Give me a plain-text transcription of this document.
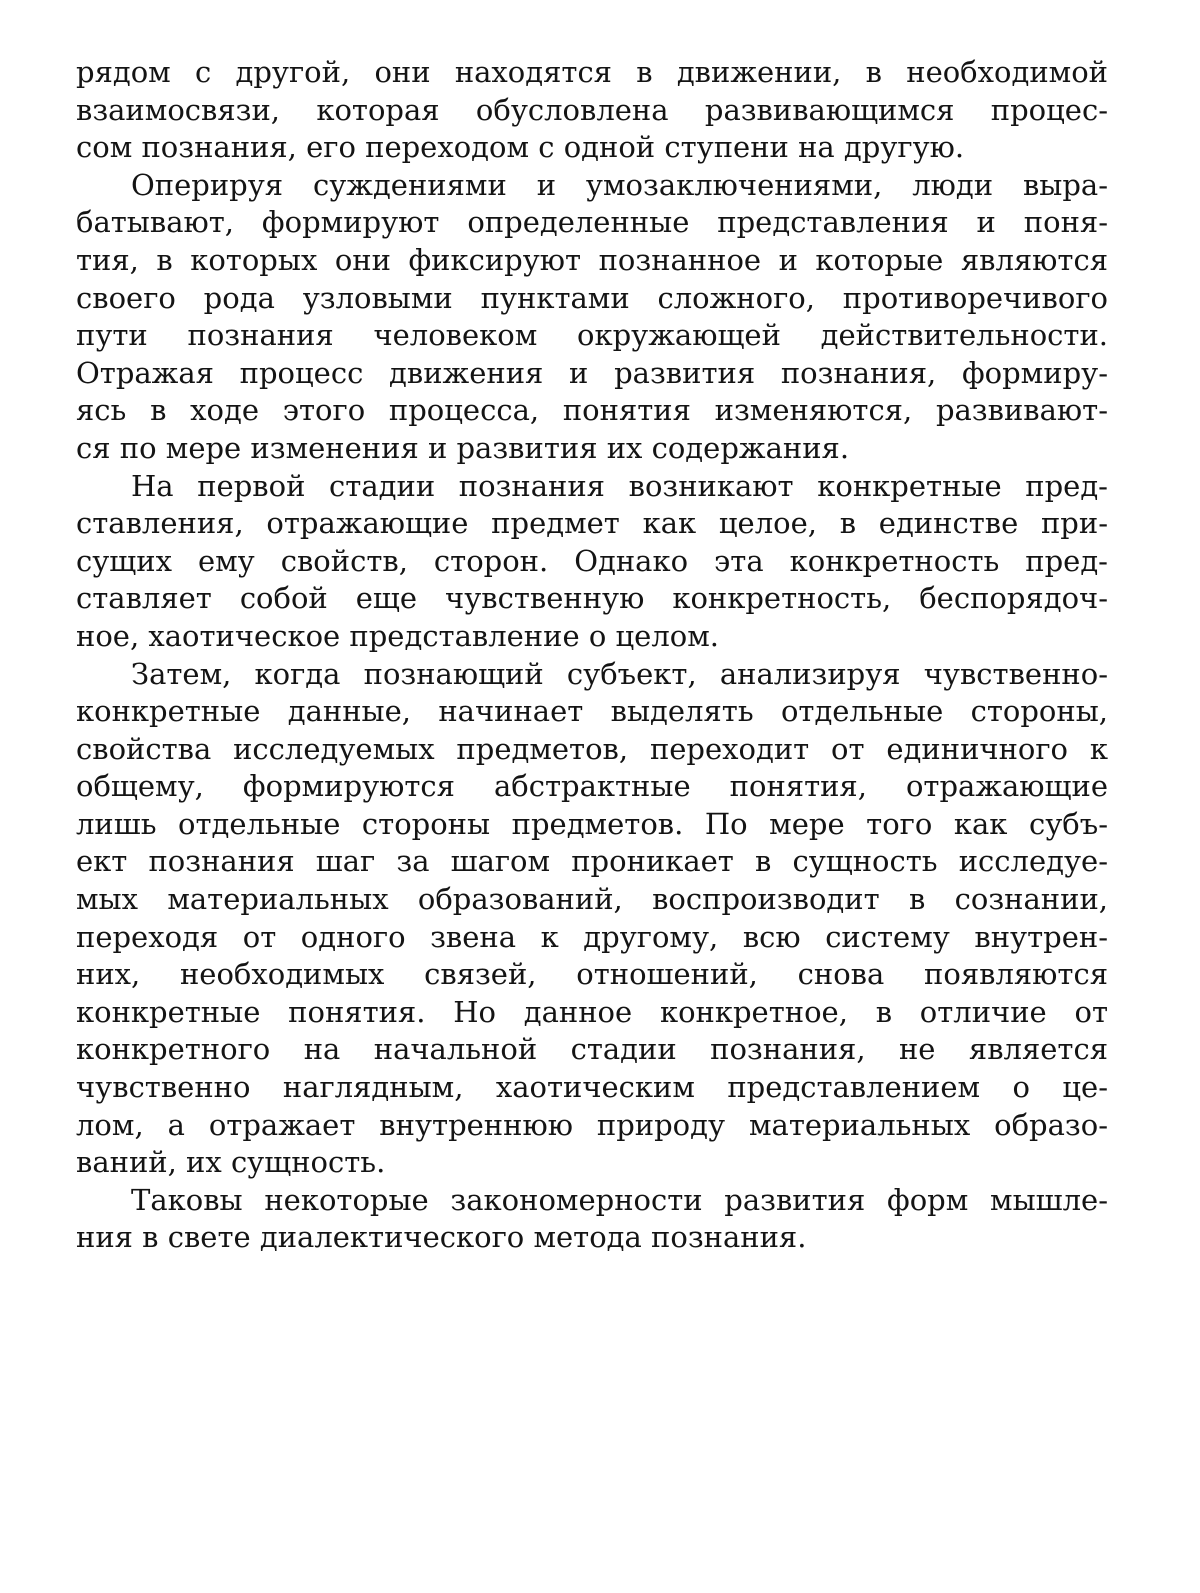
рядом с другой, они находятся в движении, в необходимой
взаимосвязи, которая обусловлена развивающимся процес-
сом познания, его переходом с одной ступени на другую.
Оперируя суждениями и умозаключениями, люди выра-
батывают, формируют определенные представления и поня-
тия, в которых они фиксируют познанное и которые являются
своего рода узловыми пунктами сложного, противоречивого
пути познания человеком окружающей действительности.
Отражая процесс движения и развития познания, формиру-
ясь в ходе этого процесса, понятия изменяются, развивают-
ся по мере изменения и развития их содержания.
На первой стадии познания возникают конкретные пред-
ставления, отражающие предмет как целое, в единстве при-
сущих ему свойств, сторон. Однако эта конкретность пред-
ставляет собой еще чувственную конкретность, беспорядоч-
ное, хаотическое представление о целом.
Затем, когда познающий субъект, анализируя чувственно-
конкретные данные, начинает выделять отдельные стороны,
свойства исследуемых предметов, переходит от единичного к
общему, формируются абстрактные понятия, отражающие
лишь отдельные стороны предметов. По мере того как субъ-
ект познания шаг за шагом проникает в сущность исследуе-
мых материальных образований, воспроизводит в сознании,
переходя от одного звена к другому, всю систему внутрен-
них, необходимых связей, отношений, снова появляются
конкретные понятия. Но данное конкретное, в отличие от
конкретного на начальной стадии познания, не является
чувственно наглядным, хаотическим представлением о це-
лом, а отражает внутреннюю природу материальных образо-
ваний, их сущность.
Таковы некоторые закономерности развития форм мышле-
ния в свете диалектического метода познания.
